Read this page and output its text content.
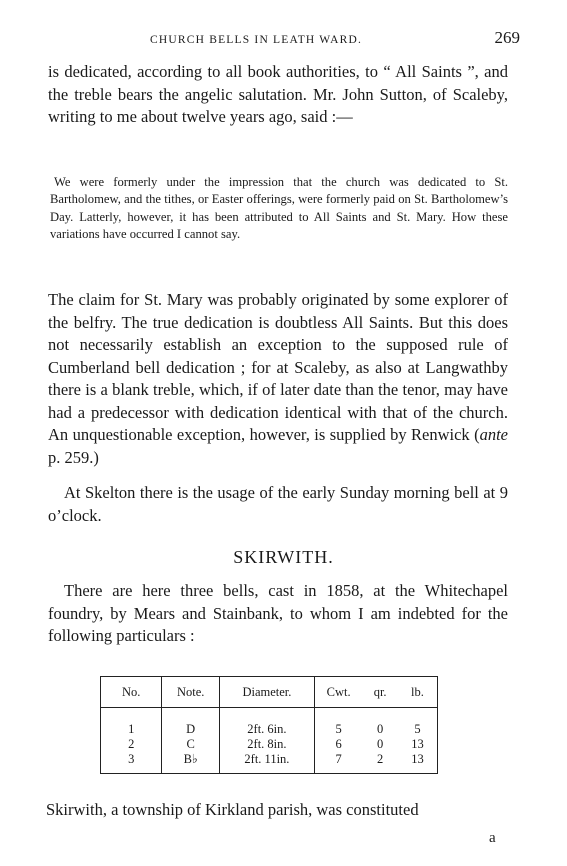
CHURCH BELLS IN LEATH WARD.	269

is dedicated, according to all book authorities, to “ All Saints ”, and the treble bears the angelic salutation. Mr. John Sutton, of Scaleby, writing to me about twelve years ago, said :—

We were formerly under the impression that the church was dedicated to St. Bartholomew, and the tithes, or Easter offerings, were formerly paid on St. Bartholomew’s Day. Latterly, however, it has been attributed to All Saints and St. Mary. How these variations have occurred I cannot say.

The claim for St. Mary was probably originated by some explorer of the belfry. The true dedication is doubtless All Saints. But this does not necessarily establish an exception to the supposed rule of Cumberland bell dedication ; for at Scaleby, as also at Langwathby there is a blank treble, which, if of later date than the tenor, may have had a predecessor with dedication identical with that of the church. An unquestionable exception, however, is supplied by Renwick (ante p. 259.)

At Skelton there is the usage of the early Sunday morning bell at 9 o’clock.

SKIRWITH.

There are here three bells, cast in 1858, at the Whitechapel foundry, by Mears and Stainbank, to whom I am indebted for the following particulars :

No.	Note.	Diameter.	Cwt.	qr.	lb.
1	D	2ft. 6in.	5	0	5
2	C	2ft. 8in.	6	0	13
3	B♭	2ft. 11in.	7	2	13

Skirwith, a township of Kirkland parish, was constituted

a
